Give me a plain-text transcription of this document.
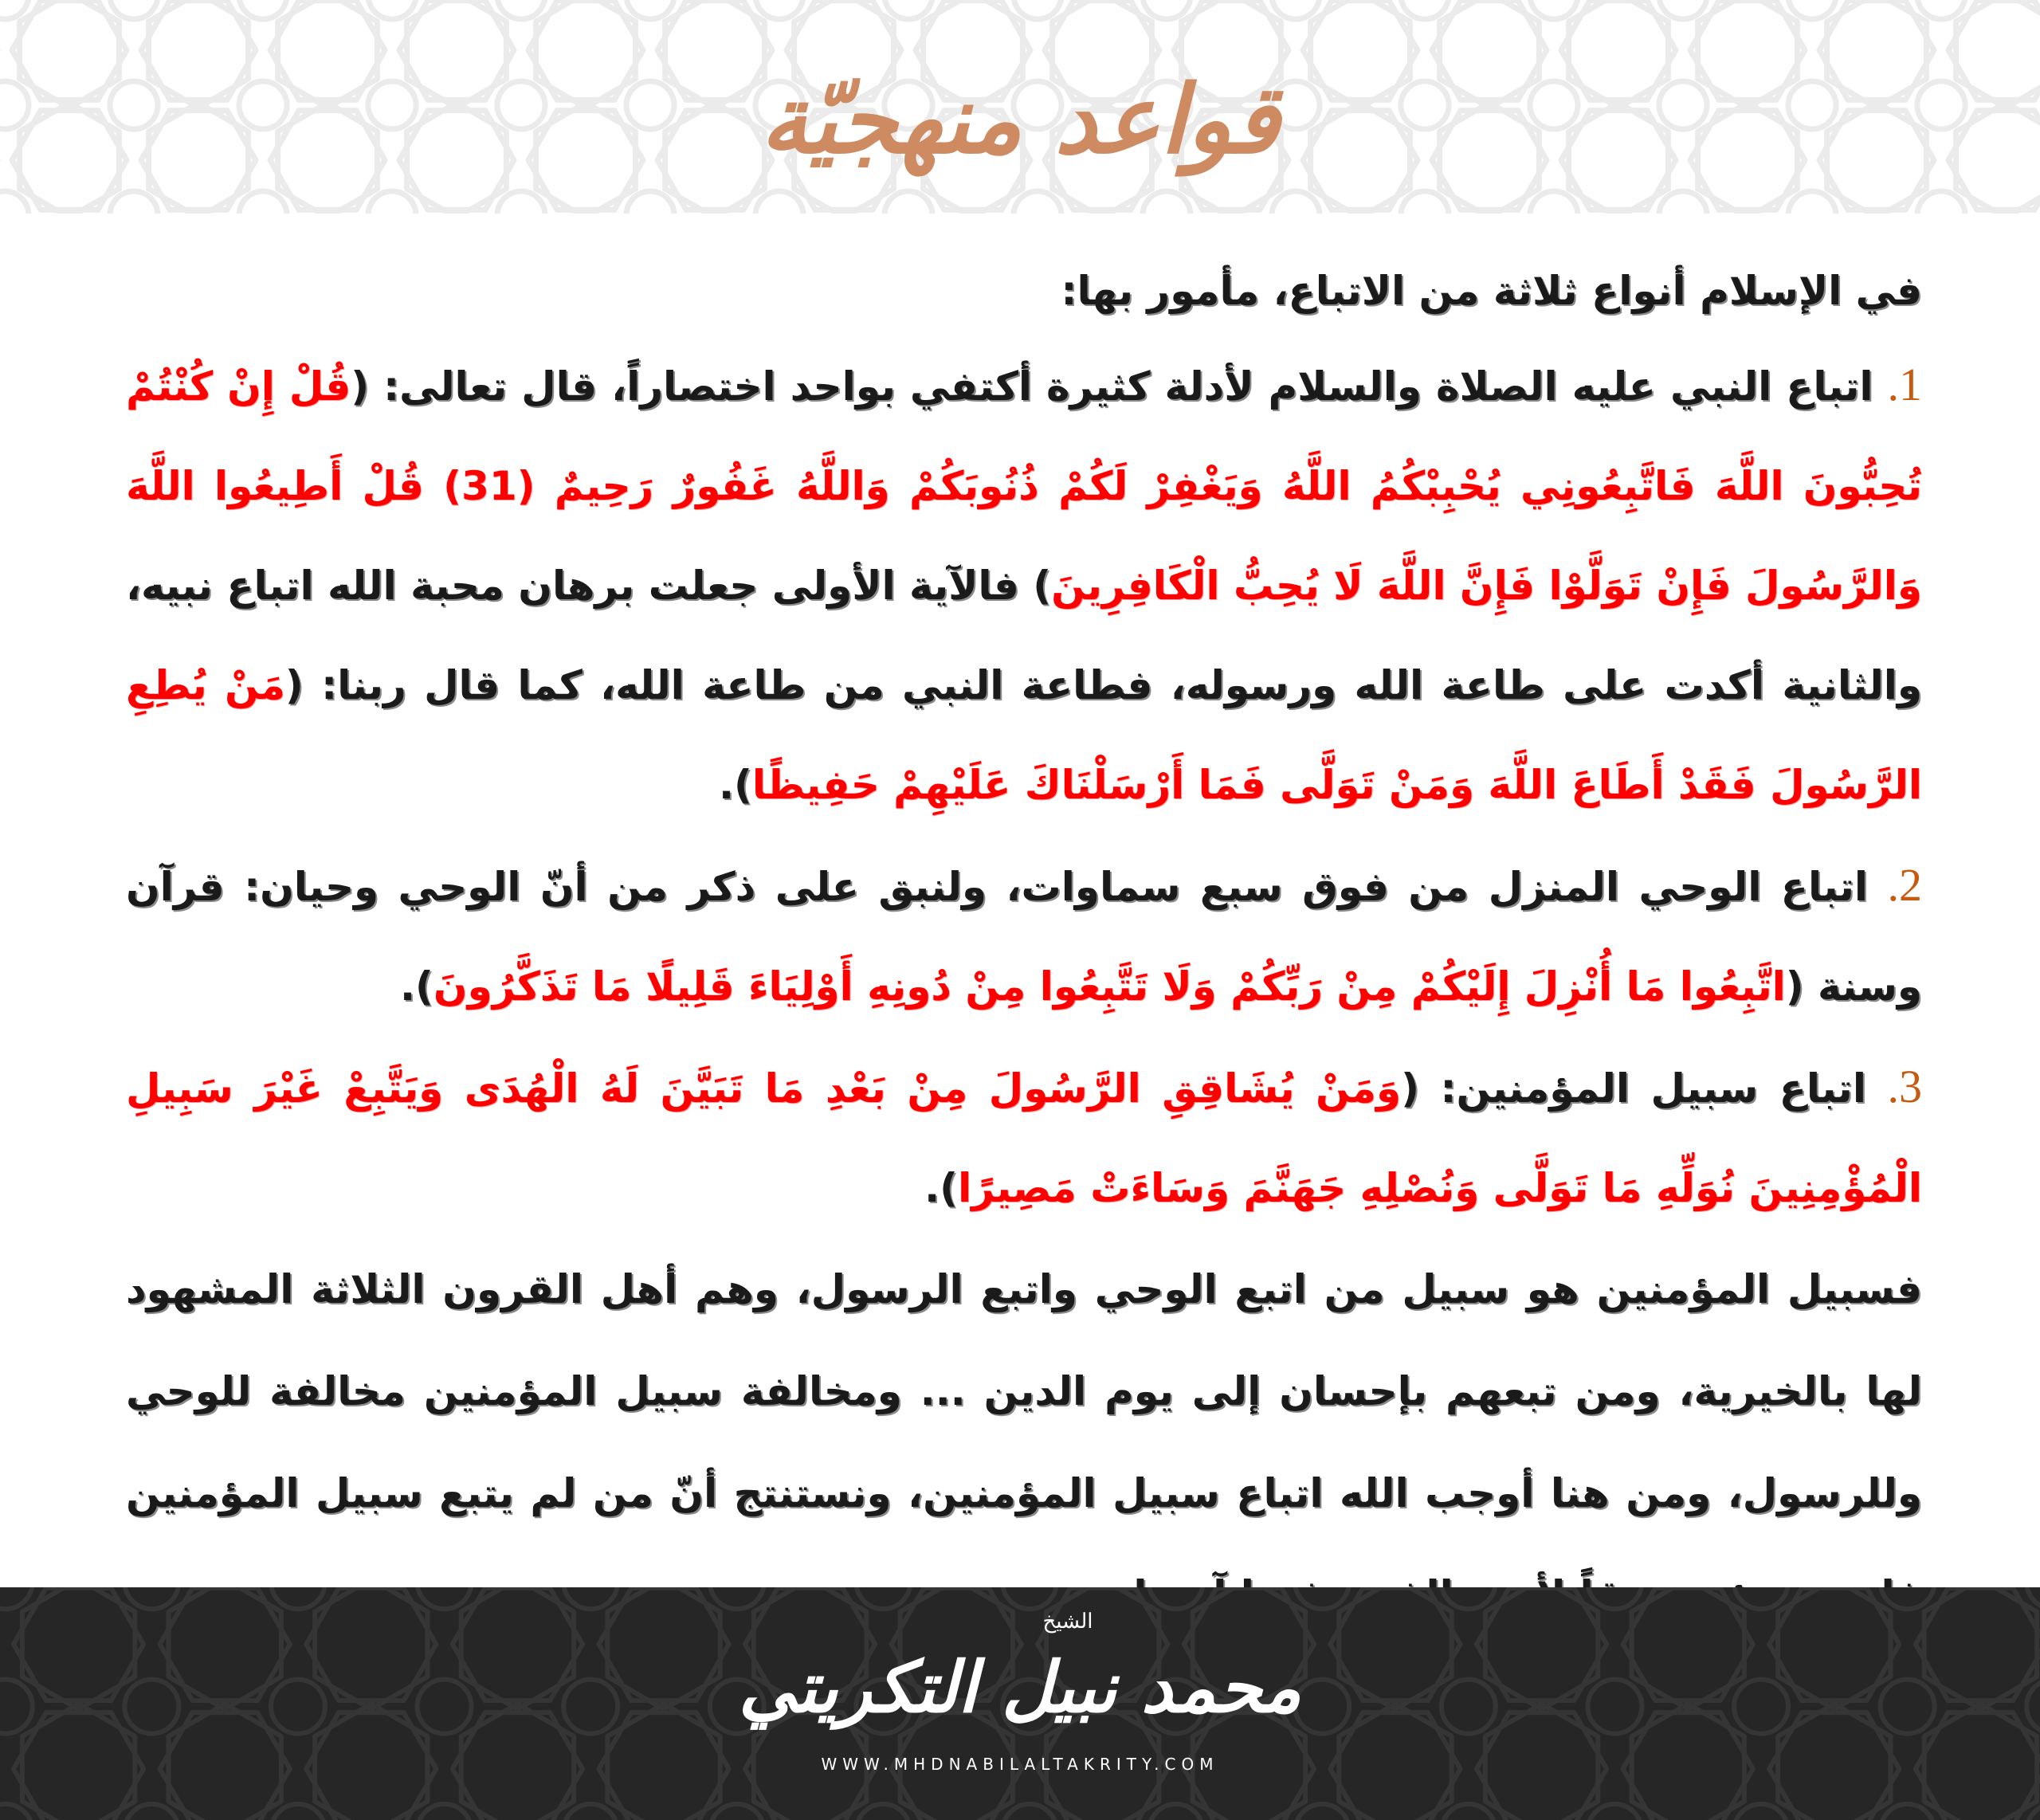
قواعد منهجيّة

في الإسلام أنواع ثلاثة من الاتباع، مأمور بها:

1. اتباع النبي عليه الصلاة والسلام لأدلة كثيرة أكتفي بواحد اختصاراً، قال تعالى: (قُلْ إِنْ كُنْتُمْ تُحِبُّونَ اللَّهَ فَاتَّبِعُونِي يُحْبِبْكُمُ اللَّهُ وَيَغْفِرْ لَكُمْ ذُنُوبَكُمْ وَاللَّهُ غَفُورٌ رَحِيمٌ (31) قُلْ أَطِيعُوا اللَّهَ وَالرَّسُولَ فَإِنْ تَوَلَّوْا فَإِنَّ اللَّهَ لَا يُحِبُّ الْكَافِرِينَ) فالآية الأولى جعلت برهان محبة الله اتباع نبيه، والثانية أكدت على طاعة الله ورسوله، فطاعة النبي من طاعة الله، كما قال ربنا: (مَنْ يُطِعِ الرَّسُولَ فَقَدْ أَطَاعَ اللَّهَ وَمَنْ تَوَلَّى فَمَا أَرْسَلْنَاكَ عَلَيْهِمْ حَفِيظًا).

2. اتباع الوحي المنزل من فوق سبع سماوات، ولنبق على ذكر من أنّ الوحي وحيان: قرآن وسنة (اتَّبِعُوا مَا أُنْزِلَ إِلَيْكُمْ مِنْ رَبِّكُمْ وَلَا تَتَّبِعُوا مِنْ دُونِهِ أَوْلِيَاءَ قَلِيلًا مَا تَذَكَّرُونَ).

3. اتباع سبيل المؤمنين: (وَمَنْ يُشَاقِقِ الرَّسُولَ مِنْ بَعْدِ مَا تَبَيَّنَ لَهُ الْهُدَى وَيَتَّبِعْ غَيْرَ سَبِيلِ الْمُؤْمِنِينَ نُوَلِّهِ مَا تَوَلَّى وَنُصْلِهِ جَهَنَّمَ وَسَاءَتْ مَصِيرًا).

فسبيل المؤمنين هو سبيل من اتبع الوحي واتبع الرسول، وهم أهل القرون الثلاثة المشهود لها بالخيرية، ومن تبعهم بإحسان إلى يوم الدين ... ومخالفة سبيل المؤمنين مخالفة للوحي وللرسول، ومن هنا أوجب الله اتباع سبيل المؤمنين، ونستنتج أنّ من لم يتبع سبيل المؤمنين

الشيخ
محمد نبيل التكريتي
WWW.MHDNABILALTAKRITY.COM
